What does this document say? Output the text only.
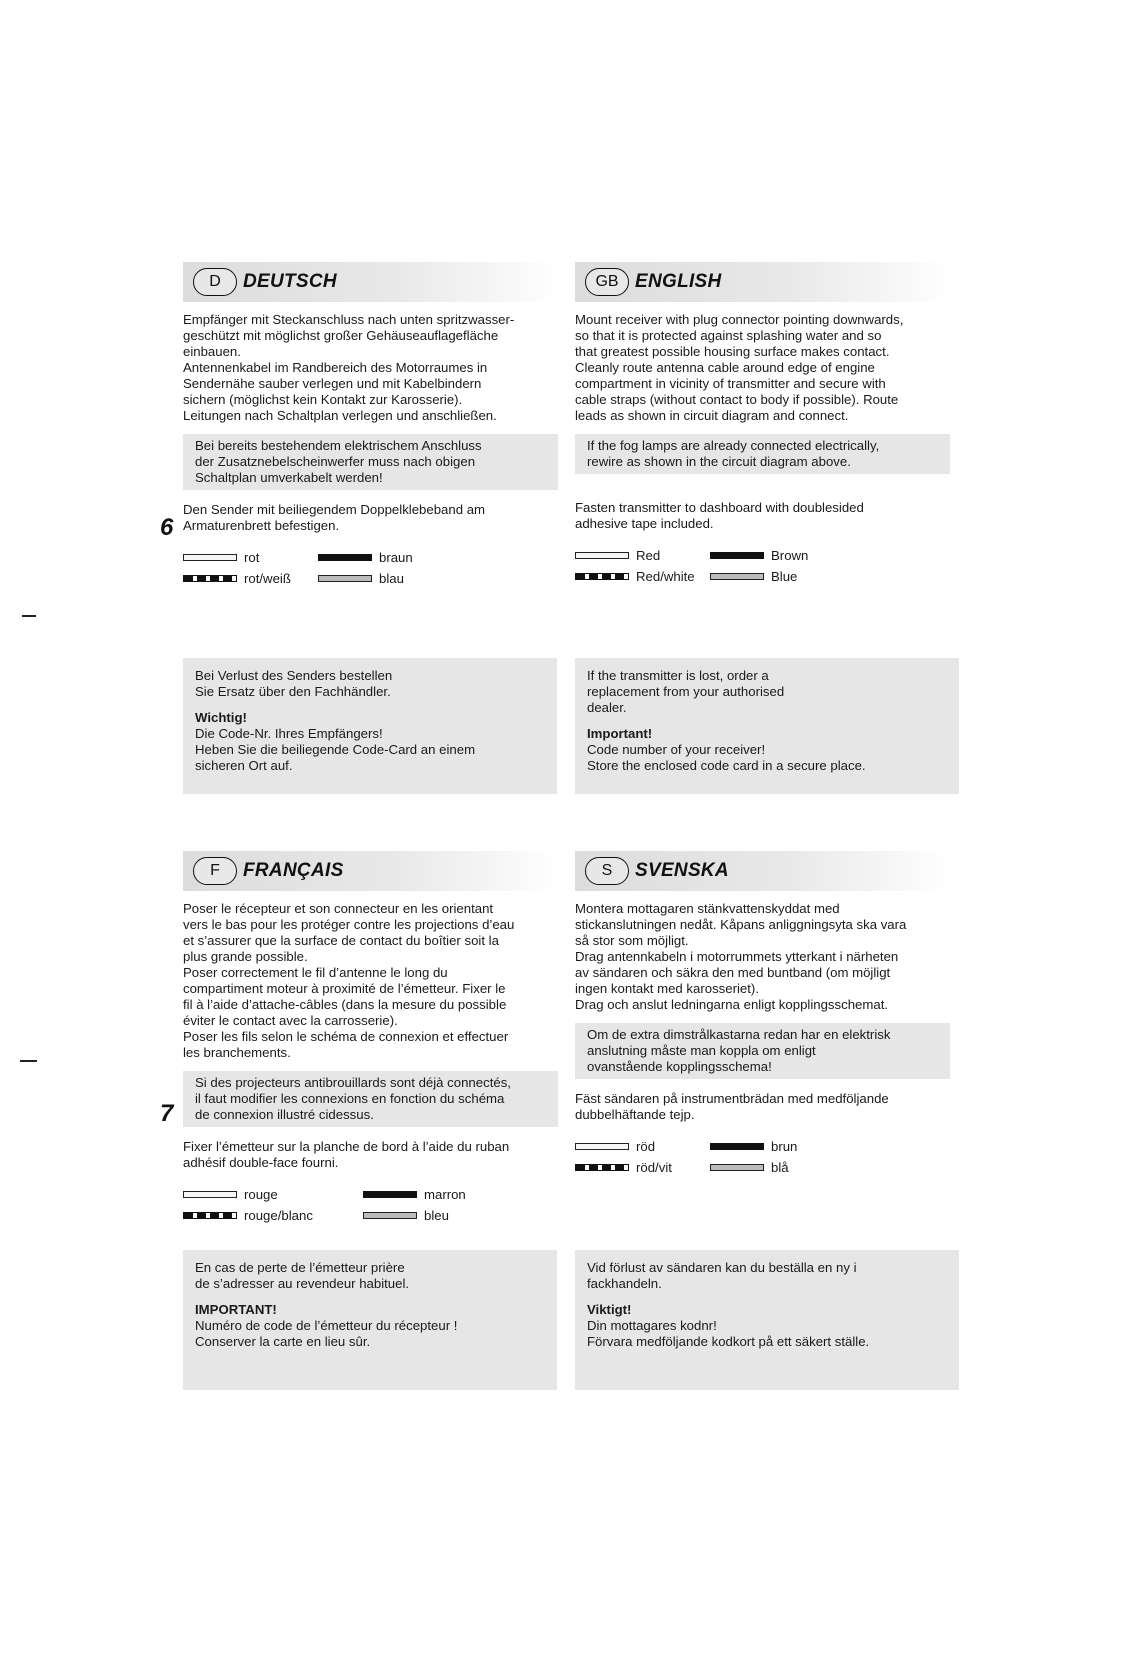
D	DEUTSCH

Empfänger mit Steckanschluss nach unten spritzwasser-
geschützt mit möglichst großer Gehäuseauflagefläche
einbauen.
Antennenkabel im Randbereich des Motorraumes in
Sendernähe sauber verlegen und mit Kabelbindern
sichern (möglichst kein Kontakt zur Karosserie).
Leitungen nach Schaltplan verlegen und anschließen.

Bei bereits bestehendem elektrischem Anschluss
der Zusatznebelscheinwerfer muss nach obigen
Schaltplan umverkabelt werden!
Den Sender mit beiliegendem Doppelklebeband am
Armaturenbrett befestigen.
rot	braun
rot/weiß	blau

Bei Verlust des Senders bestellen
Sie Ersatz über den Fachhändler.

Wichtig!

Die Code-Nr. Ihres Empfängers!
Heben Sie die beiliegende Code-Card an einem
sicheren Ort auf.

GB ENGLISH

Mount receiver with plug connector pointing downwards,
so that it is protected against splashing water and so
that greatest possible housing surface makes contact.
Cleanly route antenna cable around edge of engine
compartment in vicinity of transmitter and secure with
cable straps (without contact to body if possible). Route
leads as shown in circuit diagram and connect.

If the fog lamps are already connected electrically,
rewire as shown in the circuit diagram above.
Fasten transmitter to dashboard with doublesided
adhesive tape included.
Red	Brown
Red/white	Blue

If the transmitter is lost, order a
replacement from your authorised
dealer.

Important!

Code number of your receiver!
Store the enclosed code card in a secure place.

F	FRANÇAIS

Poser le récepteur et son connecteur en les orientant
vers le bas pour les protéger contre les projections d’eau
et s’assurer que la surface de contact du boîtier soit la
plus grande possible.
Poser correctement le fil d’antenne le long du
compartiment moteur à proximité de l’émetteur. Fixer le
fil à l’aide d’attache-câbles (dans la mesure du possible
éviter le contact avec la carrosserie).
Poser les fils selon le schéma de connexion et effectuer
les branchements.

Si des projecteurs antibrouillards sont déjà connectés,
il faut modifier les connexions en fonction du schéma
de connexion illustré cidessus.
Fixer l’émetteur sur la planche de bord à l’aide du ruban
adhésif double-face fourni.
rouge	marron
rouge/blanc	bleu

En cas de perte de l’émetteur prière
de s’adresser au revendeur habituel.

IMPORTANT!

Numéro de code de l’émetteur du récepteur !
Conserver la carte en lieu sûr.

S	SVENSKA

Montera mottagaren stänkvattenskyddat med
stickanslutningen nedåt. Kåpans anliggningsyta ska vara
så stor som möjligt.
Drag antennkabeln i motorrummets ytterkant i närheten
av sändaren och säkra den med buntband (om möjligt
ingen kontakt med karosseriet).
Drag och anslut ledningarna enligt kopplingsschemat.

Om de extra dimstrålkastarna redan har en elektrisk
anslutning måste man koppla om enligt
ovanstående kopplingsschema!
Fäst sändaren på instrumentbrädan med medföljande
dubbelhäftande tejp.
röd	brun
röd/vit	blå

Vid förlust av sändaren kan du beställa en ny i
fackhandeln.

Viktigt!

Din mottagares kodnr!
Förvara medföljande kodkort på ett säkert ställe.

6
7
